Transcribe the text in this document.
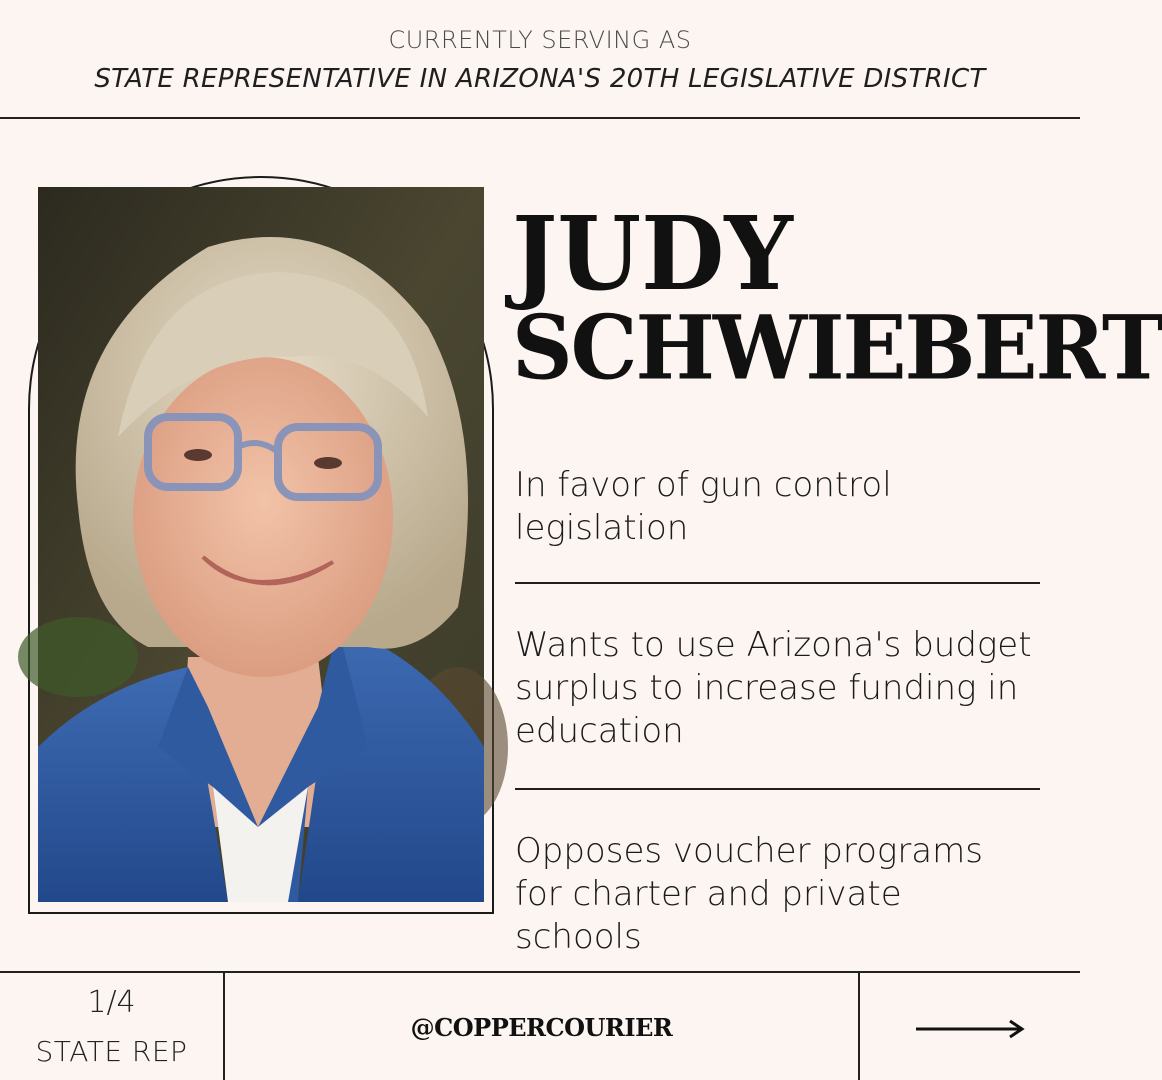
CURRENTLY SERVING AS
STATE REPRESENTATIVE IN ARIZONA'S 20TH LEGISLATIVE DISTRICT
JUDY
SCHWIEBERT
In favor of gun control legislation
Wants to use Arizona's budget surplus to increase funding in education
Opposes voucher programs for charter and private schools
1/4
STATE REP
@COPPERCOURIER
